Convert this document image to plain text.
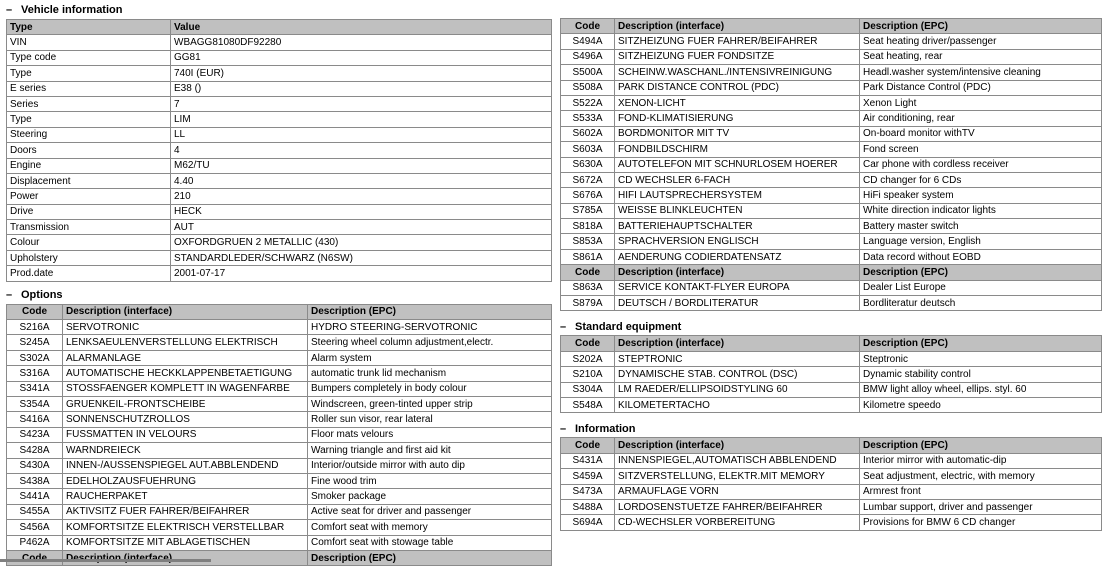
– Vehicle information
Type	Value
VIN	WBAGG81080DF92280
Type code	GG81
Type	740I (EUR)
E series	E38 ()
Series	7
Type	LIM
Steering	LL
Doors	4
Engine	M62/TU
Displacement	4.40
Power	210
Drive	HECK
Transmission	AUT
Colour	OXFORDGRUEN 2 METALLIC (430)
Upholstery	STANDARDLEDER/SCHWARZ (N6SW)
Prod.date	2001-07-17
– Options
Code	Description (interface)	Description (EPC)
S216A	SERVOTRONIC	HYDRO STEERING-SERVOTRONIC
S245A	LENKSAEULENVERSTELLUNG ELEKTRISCH	Steering wheel column adjustment,electr.
S302A	ALARMANLAGE	Alarm system
S316A	AUTOMATISCHE HECKKLAPPENBETAETIGUNG	automatic trunk lid mechanism
S341A	STOSSFAENGER KOMPLETT IN WAGENFARBE	Bumpers completely in body colour
S354A	GRUENKEIL-FRONTSCHEIBE	Windscreen, green-tinted upper strip
S416A	SONNENSCHUTZROLLOS	Roller sun visor, rear lateral
S423A	FUSSMATTEN IN VELOURS	Floor mats velours
S428A	WARNDREIECK	Warning triangle and first aid kit
S430A	INNEN-/AUSSENSPIEGEL AUT.ABBLENDEND	Interior/outside mirror with auto dip
S438A	EDELHOLZAUSFUEHRUNG	Fine wood trim
S441A	RAUCHERPAKET	Smoker package
S455A	AKTIVSITZ FUER FAHRER/BEIFAHRER	Active seat for driver and passenger
S456A	KOMFORTSITZE ELEKTRISCH VERSTELLBAR	Comfort seat with memory
P462A	KOMFORTSITZE MIT ABLAGETISCHEN	Comfort seat with stowage table
		Description (EPC)
Code	Description (interface)	Description (EPC)
S494A	SITZHEIZUNG FUER FAHRER/BEIFAHRER	Seat heating driver/passenger
S496A	SITZHEIZUNG FUER FONDSITZE	Seat heating, rear
S500A	SCHEINW.WASCHANL./INTENSIVREINIGUNG	Headl.washer system/intensive cleaning
S508A	PARK DISTANCE CONTROL (PDC)	Park Distance Control (PDC)
S522A	XENON-LICHT	Xenon Light
S533A	FOND-KLIMATISIERUNG	Air conditioning, rear
S602A	BORDMONITOR MIT TV	On-board monitor withTV
S603A	FONDBILDSCHIRM	Fond screen
S630A	AUTOTELEFON MIT SCHNURLOSEM HOERER	Car phone with cordless receiver
S672A	CD WECHSLER 6-FACH	CD changer for 6 CDs
S676A	HIFI LAUTSPRECHERSYSTEM	HiFi speaker system
S785A	WEISSE BLINKLEUCHTEN	White direction indicator lights
S818A	BATTERIEHAUPTSCHALTER	Battery master switch
S853A	SPRACHVERSION ENGLISCH	Language version, English
S861A	AENDERUNG CODIERDATENSATZ	Data record without EOBD
Code	Description (interface)	Description (EPC)
S863A	SERVICE KONTAKT-FLYER EUROPA	Dealer List Europe
S879A	DEUTSCH / BORDLITERATUR	Bordliteratur deutsch
– Standard equipment
Code	Description (interface)	Description (EPC)
S202A	STEPTRONIC	Steptronic
S210A	DYNAMISCHE STAB. CONTROL (DSC)	Dynamic stability control
S304A	LM RAEDER/ELLIPSOIDSTYLING 60	BMW light alloy wheel, ellips. styl. 60
S548A	KILOMETERTACHO	Kilometre speedo
– Information
Code	Description (interface)	Description (EPC)
S431A	INNENSPIEGEL,AUTOMATISCH ABBLENDEND	Interior mirror with automatic-dip
S459A	SITZVERSTELLUNG, ELEKTR.MIT MEMORY	Seat adjustment, electric, with memory
S473A	ARMAUFLAGE VORN	Armrest front
S488A	LORDOSENSTUETZE FAHRER/BEIFAHRER	Lumbar support, driver and passenger
S694A	CD-WECHSLER VORBEREITUNG	Provisions for BMW 6 CD changer
